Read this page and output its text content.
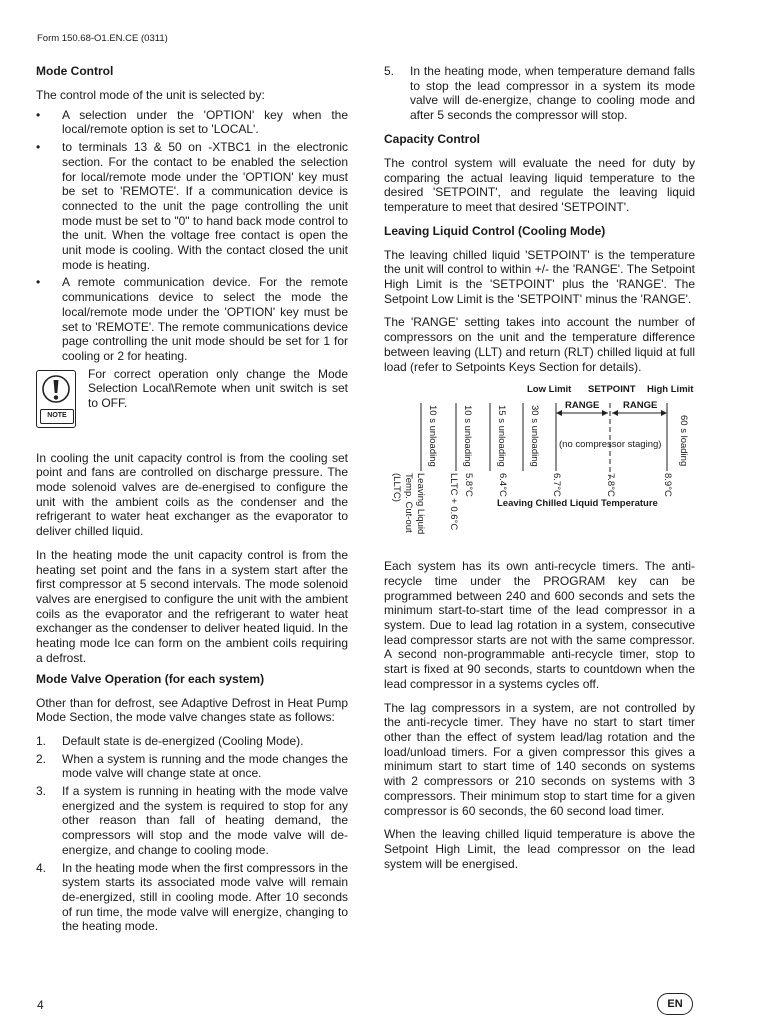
Form 150.68-O1.EN.CE (0311)
Mode Control

The control mode of the unit is selected by:

• A selection under the 'OPTION' key when the local/remote option is set to 'LOCAL'.
• to terminals 13 & 50 on -XTBC1 in the electronic section. For the contact to be enabled the selection for local/remote mode under the 'OPTION' key must be set to 'REMOTE'. If a communication device is connected to the unit the page controlling the unit mode must be set to "0" to hand back mode control to the unit. When the voltage free contact is open the unit mode is cooling. With the contact closed the unit mode is heating.
• A remote communication device. For the remote communications device to select the mode the local/remote mode under the 'OPTION' key must be set to 'REMOTE'. The remote communications device page controlling the unit mode should be set for 1 for cooling or 2 for heating.
NOTE
For correct operation only change the Mode Selection Local\Remote when unit switch is set to OFF.

In cooling the unit capacity control is from the cooling set point and fans are controlled on discharge pressure. The mode solenoid valves are de-energised to configure the unit with the ambient coils as the condenser and the refrigerant to water heat exchanger as the evaporator to deliver chilled liquid.

In the heating mode the unit capacity control is from the heating set point and the fans in a system start after the first compressor at 5 second intervals. The mode solenoid valves are energised to configure the unit with the ambient coils as the evaporator and the refrigerant to water heat exchanger as the condenser to deliver heated liquid. In the heating mode Ice can form on the ambient coils requiring a defrost.

Mode Valve Operation (for each system)

Other than for defrost, see Adaptive Defrost in Heat Pump Mode Section, the mode valve changes state as follows:

1. Default state is de-energized (Cooling Mode).
2. When a system is running and the mode changes the mode valve will change state at once.
3. If a system is running in heating with the mode valve energized and the system is required to stop for any other reason than fall of heating demand, the compressors will stop and the mode valve will de-energize, and change to cooling mode.
4. In the heating mode when the first compressors in the system starts its associated mode valve will remain de-energized, still in cooling mode. After 10 seconds of run time, the mode valve will energize, changing to the heating mode.
5. In the heating mode, when temperature demand falls to stop the lead compressor in a system its mode valve will de-energize, change to cooling mode and after 5 seconds the compressor will stop.
Capacity Control

The control system will evaluate the need for duty by comparing the actual leaving liquid temperature to the desired 'SETPOINT', and regulate the leaving liquid temperature to meet that desired 'SETPOINT'.

Leaving Liquid Control (Cooling Mode)

The leaving chilled liquid 'SETPOINT' is the temperature the unit will control to within +/- the 'RANGE'. The Setpoint High Limit is the 'SETPOINT' plus the 'RANGE'. The Setpoint Low Limit is the 'SETPOINT' minus the 'RANGE'.

The 'RANGE' setting takes into account the number of compressors on the unit and the temperature difference between leaving (LLT) and return (RLT) chilled liquid at full load (refer to Setpoints Keys Section for details).

Low Limit SETPOINT High Limit
RANGE RANGE
(no compressor staging)
Leaving Chilled Liquid Temperature
10 s unloading	10 s unloading 15 s unloading 30 s unloading	60 s loading
5.8°C 6.4°C	6.7°C	7.8°C	8.9°C
LLTC + 0.6°C
Leaving Liquid
Temp. Cut-out
(LLTC)

Each system has its own anti-recycle timers. The anti-recycle time under the PROGRAM key can be programmed between 240 and 600 seconds and sets the minimum start-to-start time of the lead compressor in a system. Due to lead lag rotation in a system, consecutive lead compressor starts are not with the same compressor. A second non-programmable anti-recycle timer, stop to start is fixed at 90 seconds, starts to countdown when the lead compressor in a systems cycles off.

The lag compressors in a system, are not controlled by the anti-recycle timer. They have no start to start timer other than the effect of system lead/lag rotation and the load/unload timers. For a given compressor this gives a minimum start to start time of 140 seconds on systems with 2 compressors or 210 seconds on systems with 3 compressors. Their minimum stop to start time for a given compressor is 60 seconds, the 60 second load timer.

When the leaving chilled liquid temperature is above the Setpoint High Limit, the lead compressor on the lead system will be energised.

4	EN
